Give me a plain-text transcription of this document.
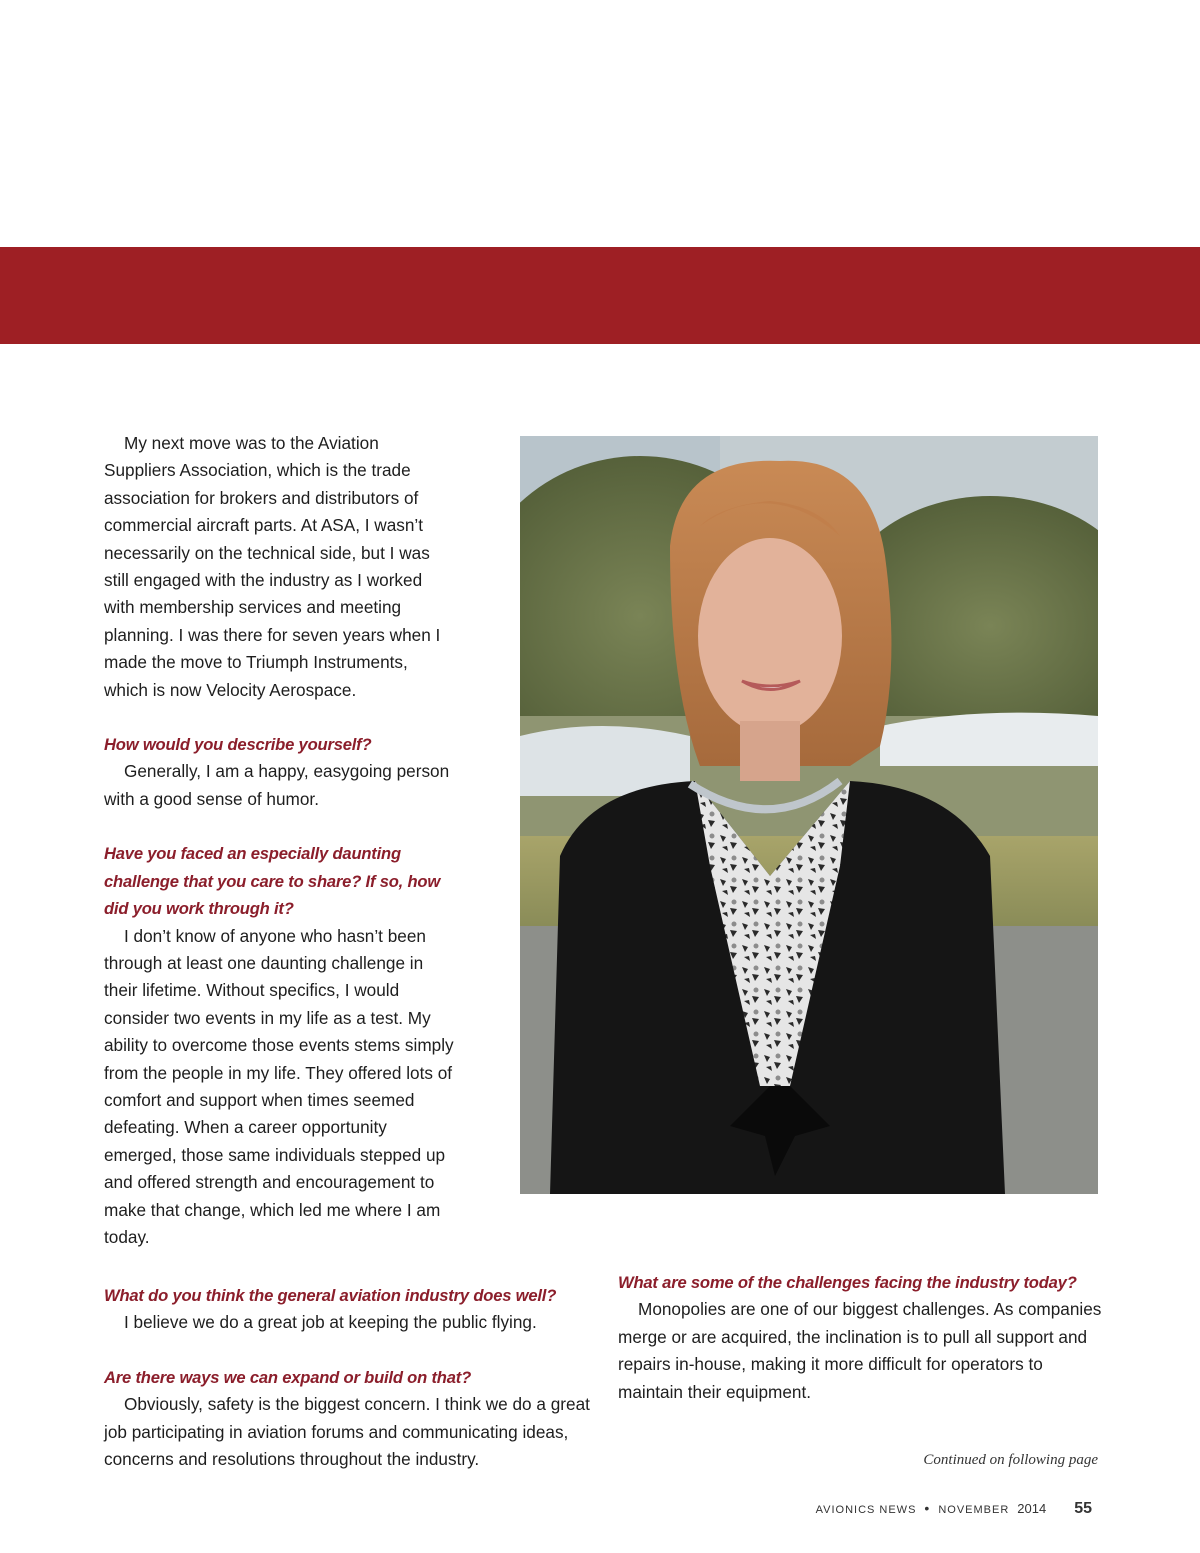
My next move was to the Aviation Suppliers Association, which is the trade association for brokers and distributors of commercial aircraft parts. At ASA, I wasn’t necessarily on the technical side, but I was still engaged with the industry as I worked with membership services and meeting planning. I was there for seven years when I made the move to Triumph Instruments, which is now Velocity Aerospace.

How would you describe yourself?

Generally, I am a happy, easygoing person with a good sense of humor.

Have you faced an especially daunting challenge that you care to share? If so, how did you work through it?

I don’t know of anyone who hasn’t been through at least one daunting challenge in their lifetime. Without specifics, I would consider two events in my life as a test. My ability to overcome those events stems simply from the people in my life. They offered lots of comfort and support when times seemed defeating. When a career opportunity emerged, those same individuals stepped up and offered strength and encouragement to make that change, which led me where I am today.

What do you think the general aviation industry does well?

I believe we do a great job at keeping the public flying.

Are there ways we can expand or build on that?

Obviously, safety is the biggest concern. I think we do a great job participating in aviation forums and communicating ideas, concerns and resolutions throughout the industry.

What are some of the challenges facing the industry today?

Monopolies are one of our biggest challenges. As companies merge or are acquired, the inclination is to pull all support and repairs in-house, making it more difficult for operators to maintain their equipment.

Continued on following page
AVIONICS NEWS • NOVEMBER 2014 55
